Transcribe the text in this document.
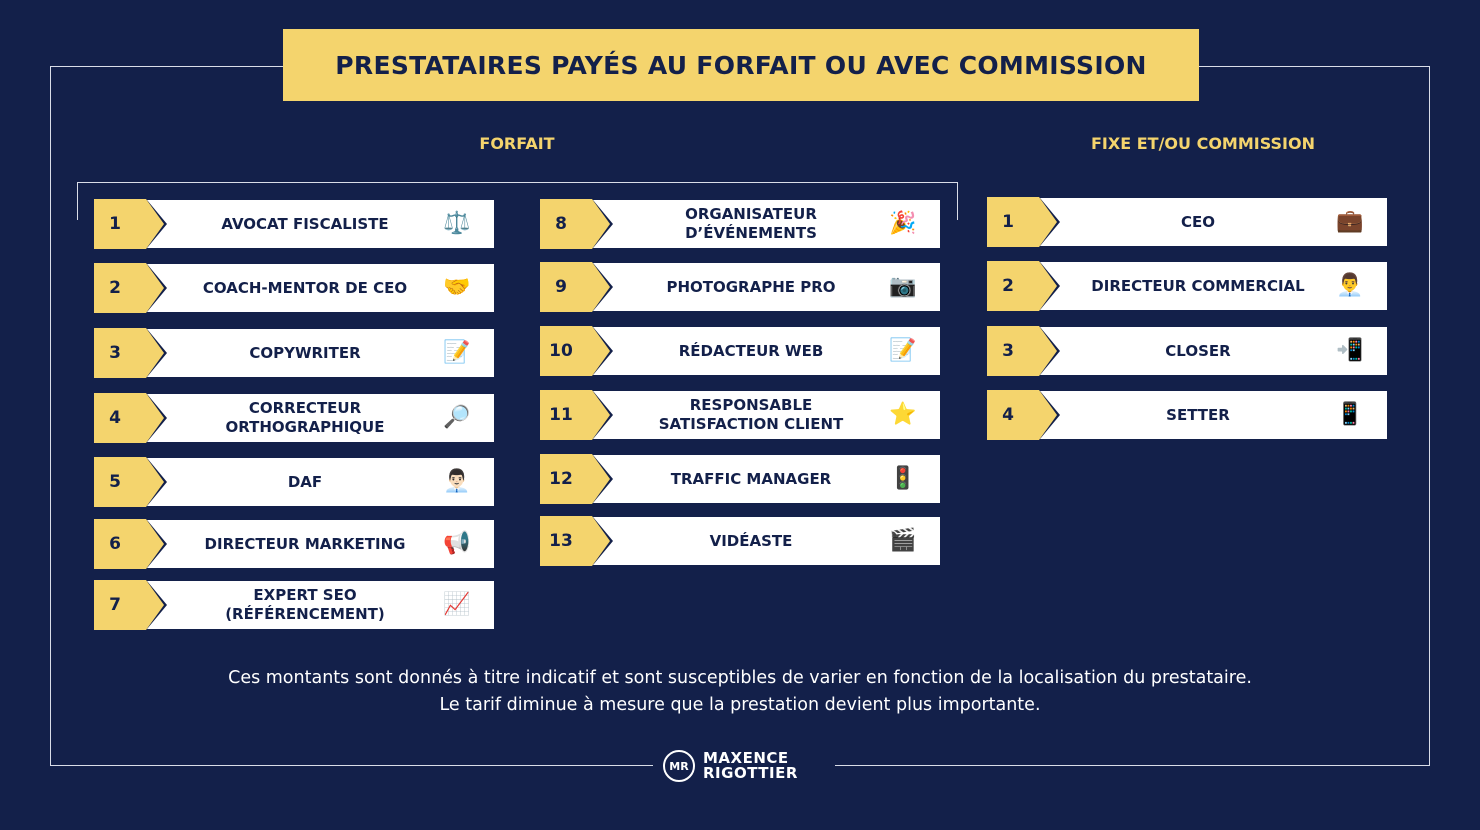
PRESTATAIRES PAYÉS AU FORFAIT OU AVEC COMMISSION
FORFAIT	FIXE ET/OU COMMISSION
1	AVOCAT FISCALISTE	⚖️
2	COACH-MENTOR DE CEO	🤝
3	COPYWRITER	📝
4	CORRECTEUR
ORTHOGRAPHIQUE	🔎
5	DAF	👨🏻‍💼
6	DIRECTEUR MARKETING	📢
7	EXPERT SEO
(RÉFÉRENCEMENT)	📈
8	ORGANISATEUR
D’ÉVÉNEMENTS	🎉
9	PHOTOGRAPHE PRO	📷
10	RÉDACTEUR WEB	📝
11	RESPONSABLE
SATISFACTION CLIENT	⭐
12	TRAFFIC MANAGER	🚦
13	VIDÉASTE	🎬
1	CEO	💼
2	DIRECTEUR COMMERCIAL	👨‍💼
3	CLOSER	📲
4	SETTER	📱
Ces montants sont donnés à titre indicatif et sont susceptibles de varier en fonction de la localisation du prestataire.
Le tarif diminue à mesure que la prestation devient plus importante.
MR MAXENCE
RIGOTTIER
